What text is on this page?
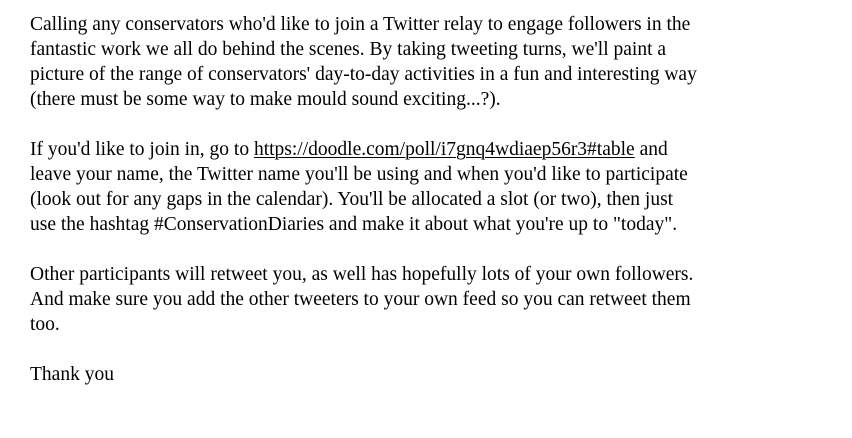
Calling any conservators who'd like to join a Twitter relay to engage followers in the
fantastic work we all do behind the scenes. By taking tweeting turns, we'll paint a
picture of the range of conservators' day-to-day activities in a fun and interesting way
(there must be some way to make mould sound exciting...?).

If you'd like to join in, go to https://doodle.com/poll/i7gnq4wdiaep56r3#table and
leave your name, the Twitter name you'll be using and when you'd like to participate
(look out for any gaps in the calendar). You'll be allocated a slot (or two), then just
use the hashtag #ConservationDiaries and make it about what you're up to "today".

Other participants will retweet you, as well has hopefully lots of your own followers.
And make sure you add the other tweeters to your own feed so you can retweet them
too.

Thank you
